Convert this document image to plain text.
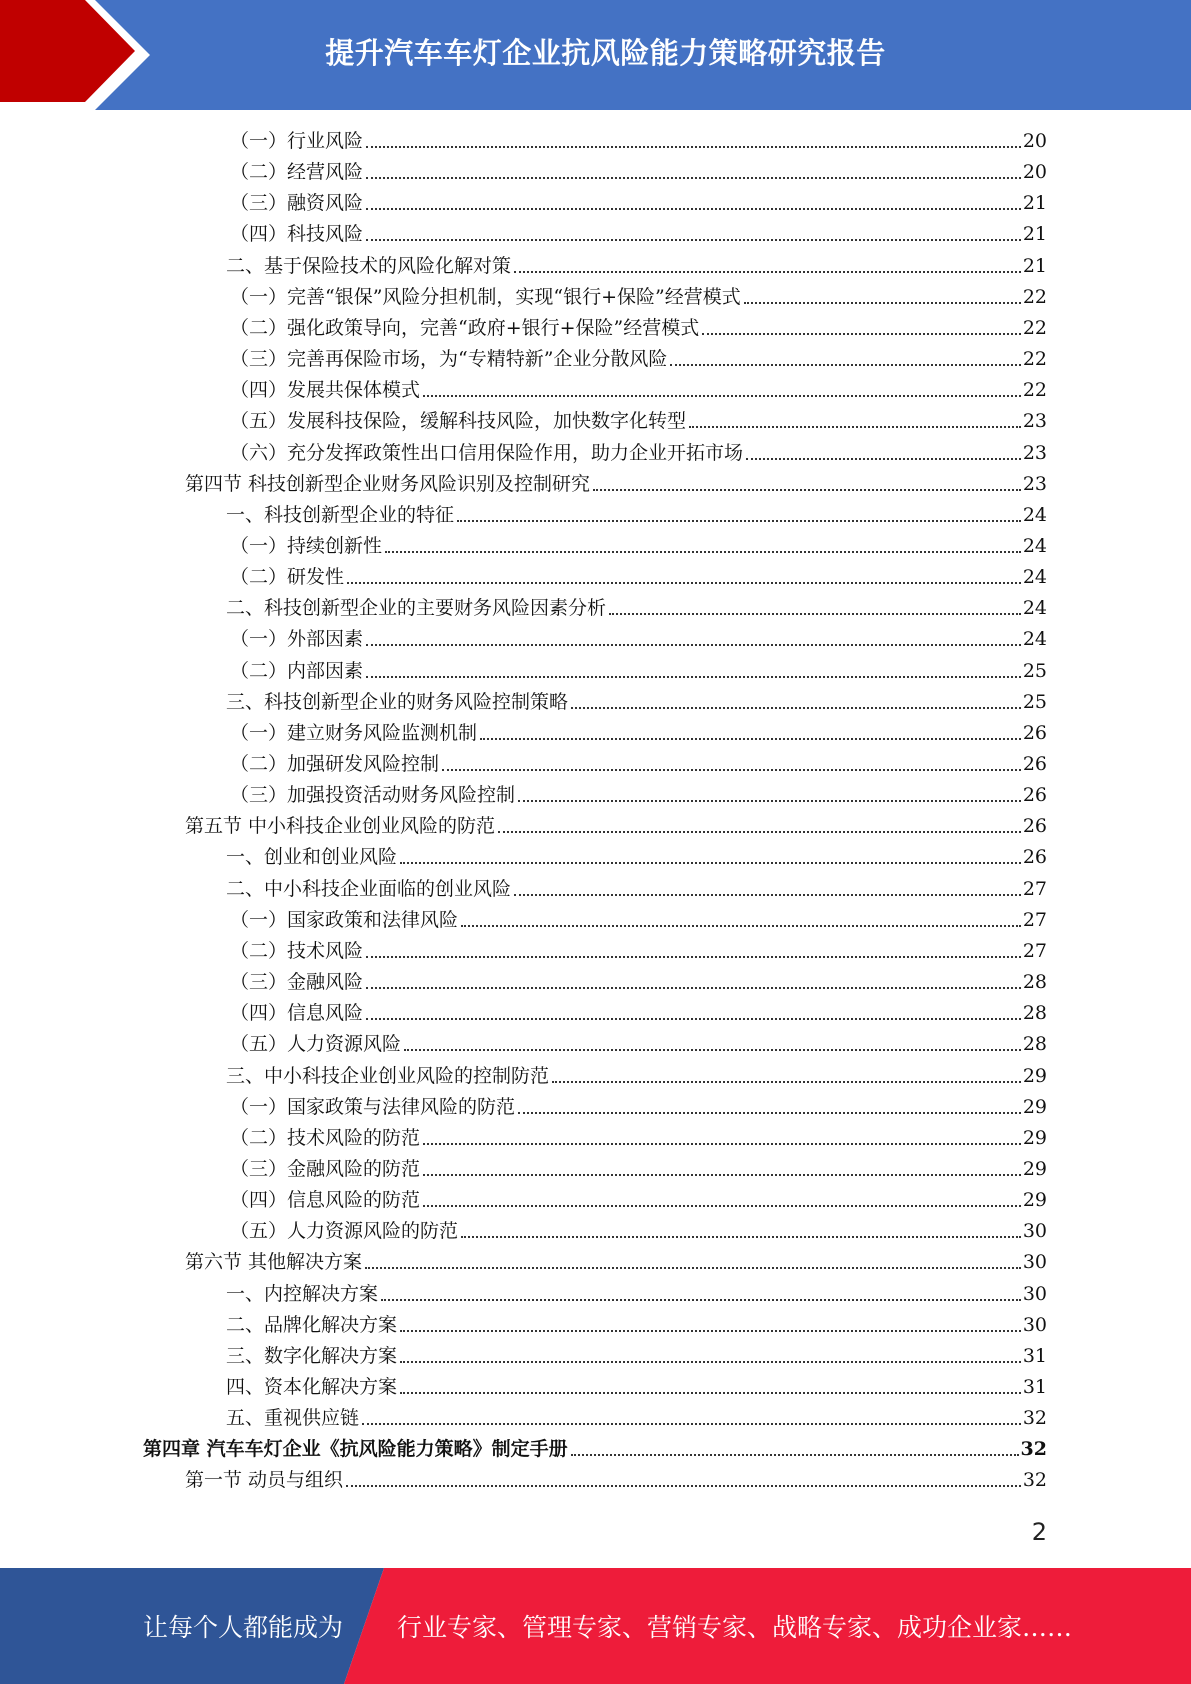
提升汽车车灯企业抗风险能力策略研究报告
（一）行业风险	20
（二）经营风险	20
（三）融资风险	21
（四）科技风险	21
二、基于保险技术的风险化解对策	21
（一）完善“银保”风险分担机制，实现“银行+保险”经营模式	22
（二）强化政策导向，完善“政府+银行+保险”经营模式	22
（三）完善再保险市场，为“专精特新”企业分散风险	22
（四）发展共保体模式	22
（五）发展科技保险，缓解科技风险，加快数字化转型	23
（六）充分发挥政策性出口信用保险作用，助力企业开拓市场	23
第四节 科技创新型企业财务风险识别及控制研究	23
一、科技创新型企业的特征	24
（一）持续创新性	24
（二）研发性	24
二、科技创新型企业的主要财务风险因素分析	24
（一）外部因素	24
（二）内部因素	25
三、科技创新型企业的财务风险控制策略	25
（一）建立财务风险监测机制	26
（二）加强研发风险控制	26
（三）加强投资活动财务风险控制	26
第五节 中小科技企业创业风险的防范	26
一、创业和创业风险	26
二、中小科技企业面临的创业风险	27
（一）国家政策和法律风险	27
（二）技术风险	27
（三）金融风险	28
（四）信息风险	28
（五）人力资源风险	28
三、中小科技企业创业风险的控制防范	29
（一）国家政策与法律风险的防范	29
（二）技术风险的防范	29
（三）金融风险的防范	29
（四）信息风险的防范	29
（五）人力资源风险的防范	30
第六节 其他解决方案	30
一、内控解决方案	30
二、品牌化解决方案	30
三、数字化解决方案	31
四、资本化解决方案	31
五、重视供应链	32
第四章 汽车车灯企业《抗风险能力策略》制定手册	32
第一节 动员与组织	32
2
让每个人都能成为 行业专家、管理专家、营销专家、战略专家、成功企业家……
